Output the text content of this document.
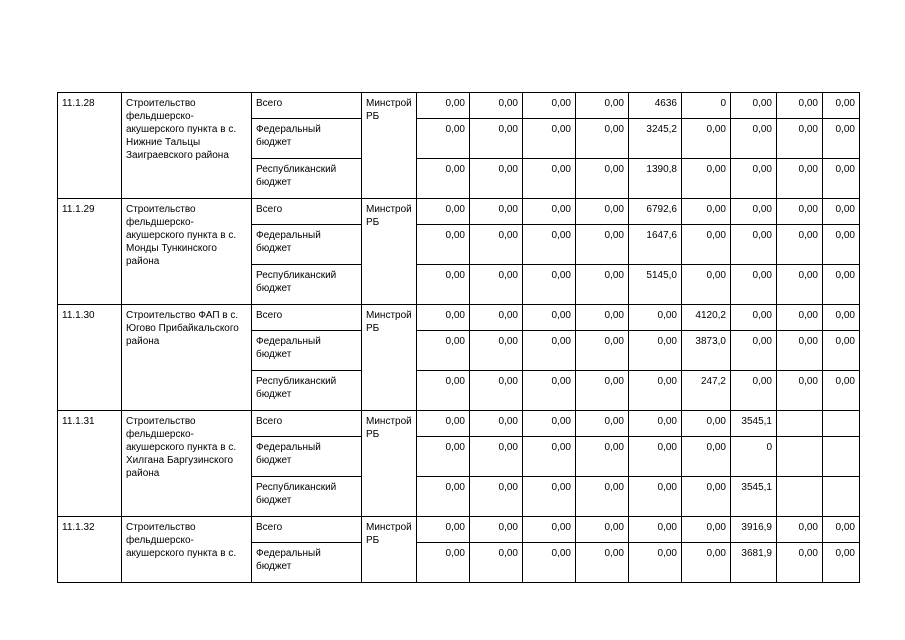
11.1.28	Строительство фельдшерско-акушерского пункта в с. Нижние Тальцы Заиграевского района	Всего	Минстрой РБ	0,00	0,00	0,00	0,00	4636	0	0,00	0,00	0,00
		Федеральный бюджет		0,00	0,00	0,00	0,00	3245,2	0,00	0,00	0,00	0,00
		Республиканский бюджет		0,00	0,00	0,00	0,00	1390,8	0,00	0,00	0,00	0,00
11.1.29	Строительство фельдшерско-акушерского пункта в с. Монды Тункинского района	Всего	Минстрой РБ	0,00	0,00	0,00	0,00	6792,6	0,00	0,00	0,00	0,00
		Федеральный бюджет		0,00	0,00	0,00	0,00	1647,6	0,00	0,00	0,00	0,00
		Республиканский бюджет		0,00	0,00	0,00	0,00	5145,0	0,00	0,00	0,00	0,00
11.1.30	Строительство ФАП в с. Югово Прибайкальского района	Всего	Минстрой РБ	0,00	0,00	0,00	0,00	0,00	4120,2	0,00	0,00	0,00
		Федеральный бюджет		0,00	0,00	0,00	0,00	0,00	3873,0	0,00	0,00	0,00
		Республиканский бюджет		0,00	0,00	0,00	0,00	0,00	247,2	0,00	0,00	0,00
11.1.31	Строительство фельдшерско-акушерского пункта в с. Хилгана Баргузинского района	Всего	Минстрой РБ	0,00	0,00	0,00	0,00	0,00	0,00	3545,1		
		Федеральный бюджет		0,00	0,00	0,00	0,00	0,00	0,00	0		
		Республиканский бюджет		0,00	0,00	0,00	0,00	0,00	0,00	3545,1		
11.1.32	Строительство фельдшерско-акушерского пункта в с.	Всего	Минстрой РБ	0,00	0,00	0,00	0,00	0,00	0,00	3916,9	0,00	0,00
		Федеральный бюджет		0,00	0,00	0,00	0,00	0,00	0,00	3681,9	0,00	0,00
